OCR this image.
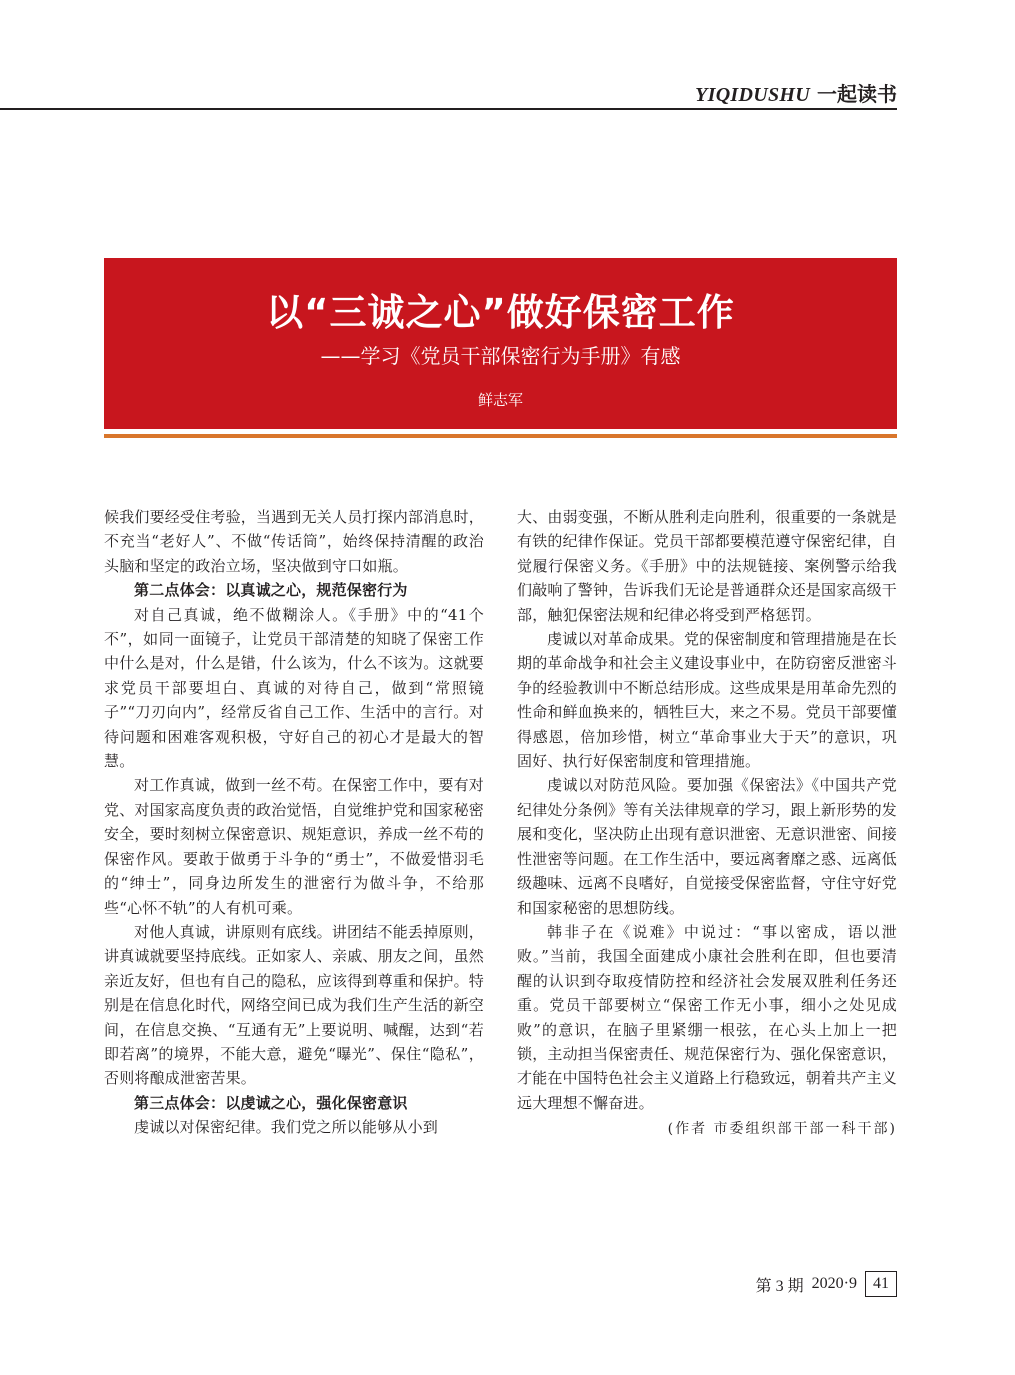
YIQIDUSHU 一起读书
以“三诚之心”做好保密工作
——学习《党员干部保密行为手册》有感
鲜志军

候我们要经受住考验，当遇到无关人员打探内部消息时，不充当“老好人”、不做“传话筒”，始终保持清醒的政治头脑和坚定的政治立场，坚决做到守口如瓶。

第二点体会：以真诚之心，规范保密行为

对自己真诚，绝不做糊涂人。《手册》中的“41个不”，如同一面镜子，让党员干部清楚的知晓了保密工作中什么是对，什么是错，什么该为，什么不该为。这就要求党员干部要坦白、真诚的对待自己，做到“常照镜子”“刀刃向内”，经常反省自己工作、生活中的言行。对待问题和困难客观积极，守好自己的初心才是最大的智慧。

对工作真诚，做到一丝不苟。在保密工作中，要有对党、对国家高度负责的政治觉悟，自觉维护党和国家秘密安全，要时刻树立保密意识、规矩意识，养成一丝不苟的保密作风。要敢于做勇于斗争的“勇士”，不做爱惜羽毛的“绅士”，同身边所发生的泄密行为做斗争，不给那些“心怀不轨”的人有机可乘。

对他人真诚，讲原则有底线。讲团结不能丢掉原则，讲真诚就要坚持底线。正如家人、亲戚、朋友之间，虽然亲近友好，但也有自己的隐私，应该得到尊重和保护。特别是在信息化时代，网络空间已成为我们生产生活的新空间，在信息交换、“互通有无”上要说明、喊醒，达到“若即若离”的境界，不能大意，避免“曝光”、保住“隐私”，否则将酿成泄密苦果。

第三点体会：以虔诚之心，强化保密意识

虔诚以对保密纪律。我们党之所以能够从小到

大、由弱变强，不断从胜利走向胜利，很重要的一条就是有铁的纪律作保证。党员干部都要模范遵守保密纪律，自觉履行保密义务。《手册》中的法规链接、案例警示给我们敲响了警钟，告诉我们无论是普通群众还是国家高级干部，触犯保密法规和纪律必将受到严格惩罚。

虔诚以对革命成果。党的保密制度和管理措施是在长期的革命战争和社会主义建设事业中，在防窃密反泄密斗争的经验教训中不断总结形成。这些成果是用革命先烈的性命和鲜血换来的，牺牲巨大，来之不易。党员干部要懂得感恩，倍加珍惜，树立“革命事业大于天”的意识，巩固好、执行好保密制度和管理措施。

虔诚以对防范风险。要加强《保密法》《中国共产党纪律处分条例》等有关法律规章的学习，跟上新形势的发展和变化，坚决防止出现有意识泄密、无意识泄密、间接性泄密等问题。在工作生活中，要远离奢靡之惑、远离低级趣味、远离不良嗜好，自觉接受保密监督，守住守好党和国家秘密的思想防线。

韩非子在《说难》中说过：“事以密成，语以泄败。”当前，我国全面建成小康社会胜利在即，但也要清醒的认识到夺取疫情防控和经济社会发展双胜利任务还重。党员干部要树立“保密工作无小事，细小之处见成败”的意识，在脑子里紧绷一根弦，在心头上加上一把锁，主动担当保密责任、规范保密行为、强化保密意识，才能在中国特色社会主义道路上行稳致远，朝着共产主义远大理想不懈奋进。

(作者 市委组织部干部一科干部)
第 3 期 2020·9	41
